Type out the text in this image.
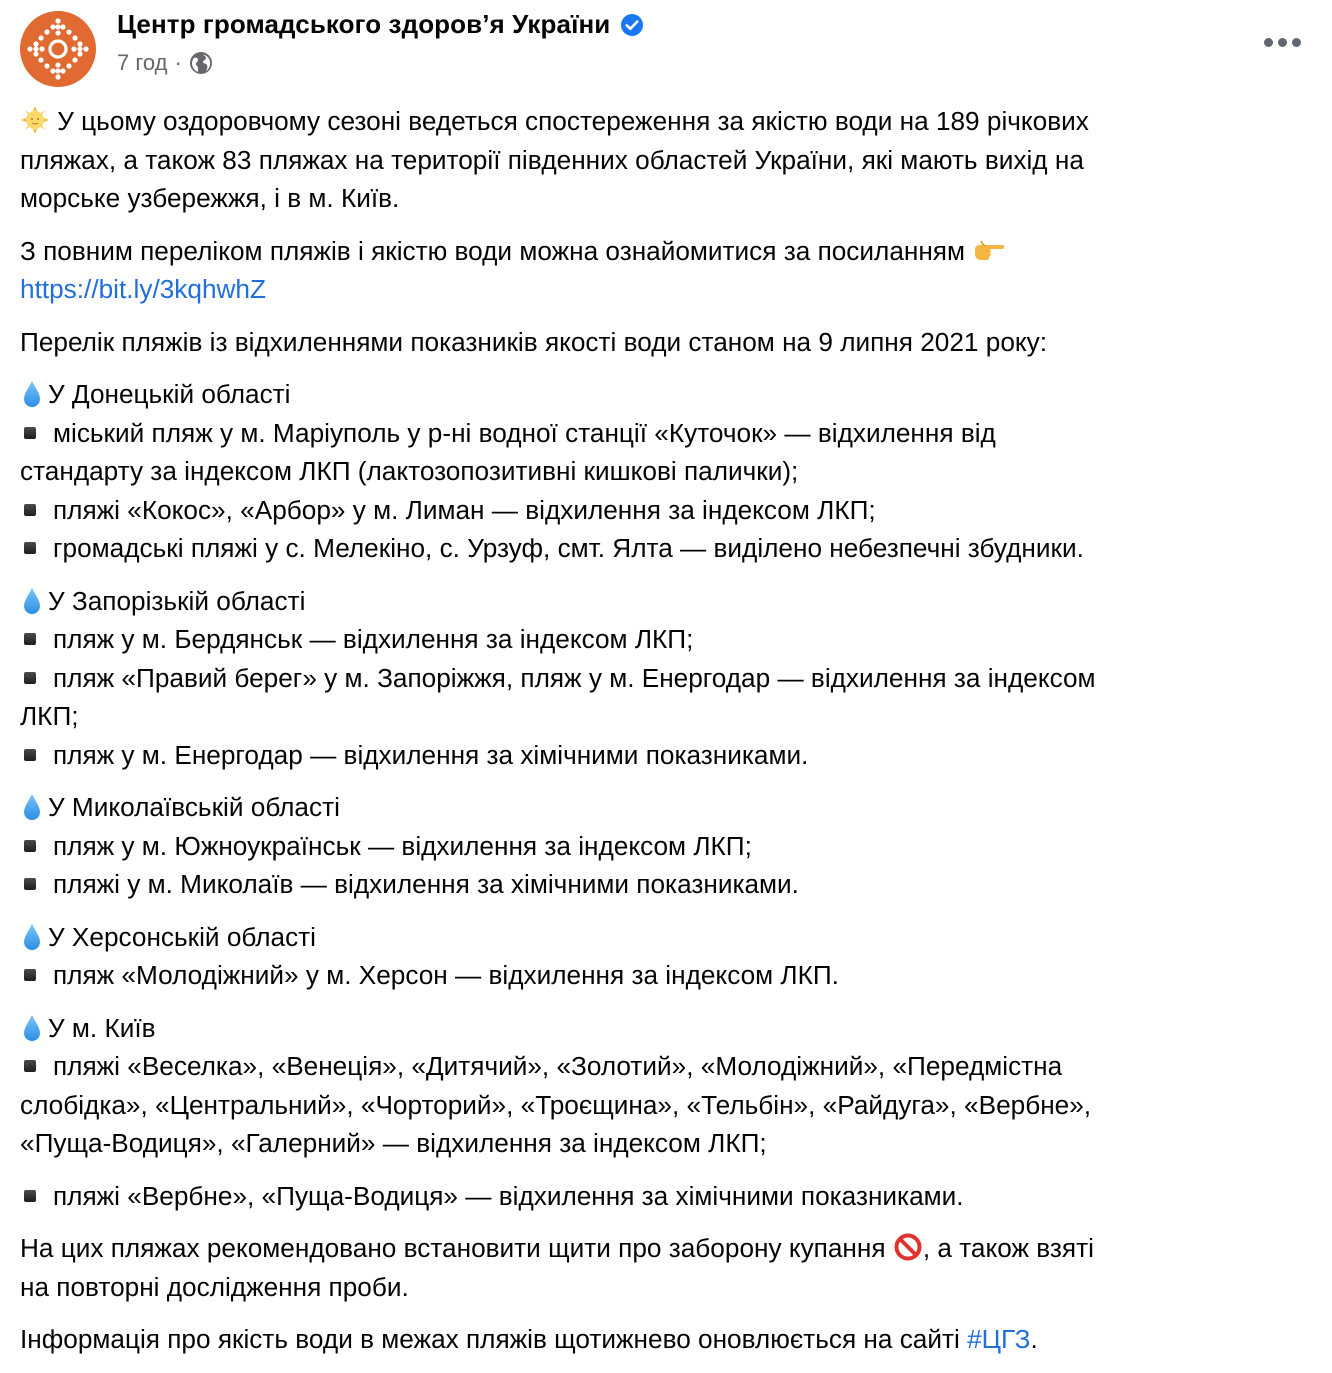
Центр громадського здоров’я України
7 год ·

У цьому оздоровчому сезоні ведеться спостереження за якістю води на 189 річкових
пляжах, а також 83 пляжах на території південних областей України, які мають вихід на
морське узбережжя, і в м. Київ.

З повним переліком пляжів і якістю води можна ознайомитися за посиланням
https://bit.ly/3kqhwhZ

Перелік пляжів із відхиленнями показників якості води станом на 9 липня 2021 року:

У Донецькій області
міський пляж у м. Маріуполь у р-ні водної станції «Куточок» — відхилення від
стандарту за індексом ЛКП (лактозопозитивні кишкові палички);
пляжі «Кокос», «Арбор» у м. Лиман — відхилення за індексом ЛКП;
громадські пляжі у с. Мелекіно, с. Урзуф, смт. Ялта — виділено небезпечні збудники.
У Запорізькій області
пляж у м. Бердянськ — відхилення за індексом ЛКП;
пляж «Правий берег» у м. Запоріжжя, пляж у м. Енергодар — відхилення за індексом
ЛКП;
пляж у м. Енергодар — відхилення за хімічними показниками.
У Миколаївській області
пляж у м. Южноукраїнськ — відхилення за індексом ЛКП;
пляжі у м. Миколаїв — відхилення за хімічними показниками.
У Херсонській області
пляж «Молодіжний» у м. Херсон — відхилення за індексом ЛКП.
У м. Київ
пляжі «Веселка», «Венеція», «Дитячий», «Золотий», «Молодіжний», «Передмістна
слобідка», «Центральний», «Чорторий», «Троєщина», «Тельбін», «Райдуга», «Вербне»,
«Пуща-Водиця», «Галерний» — відхилення за індексом ЛКП;

пляжі «Вербне», «Пуща-Водиця» — відхилення за хімічними показниками.

На цих пляжах рекомендовано встановити щити про заборону купання , а також взяті
на повторні дослідження проби.

Інформація про якість води в межах пляжів щотижнево оновлюється на сайті #ЦГЗ.
